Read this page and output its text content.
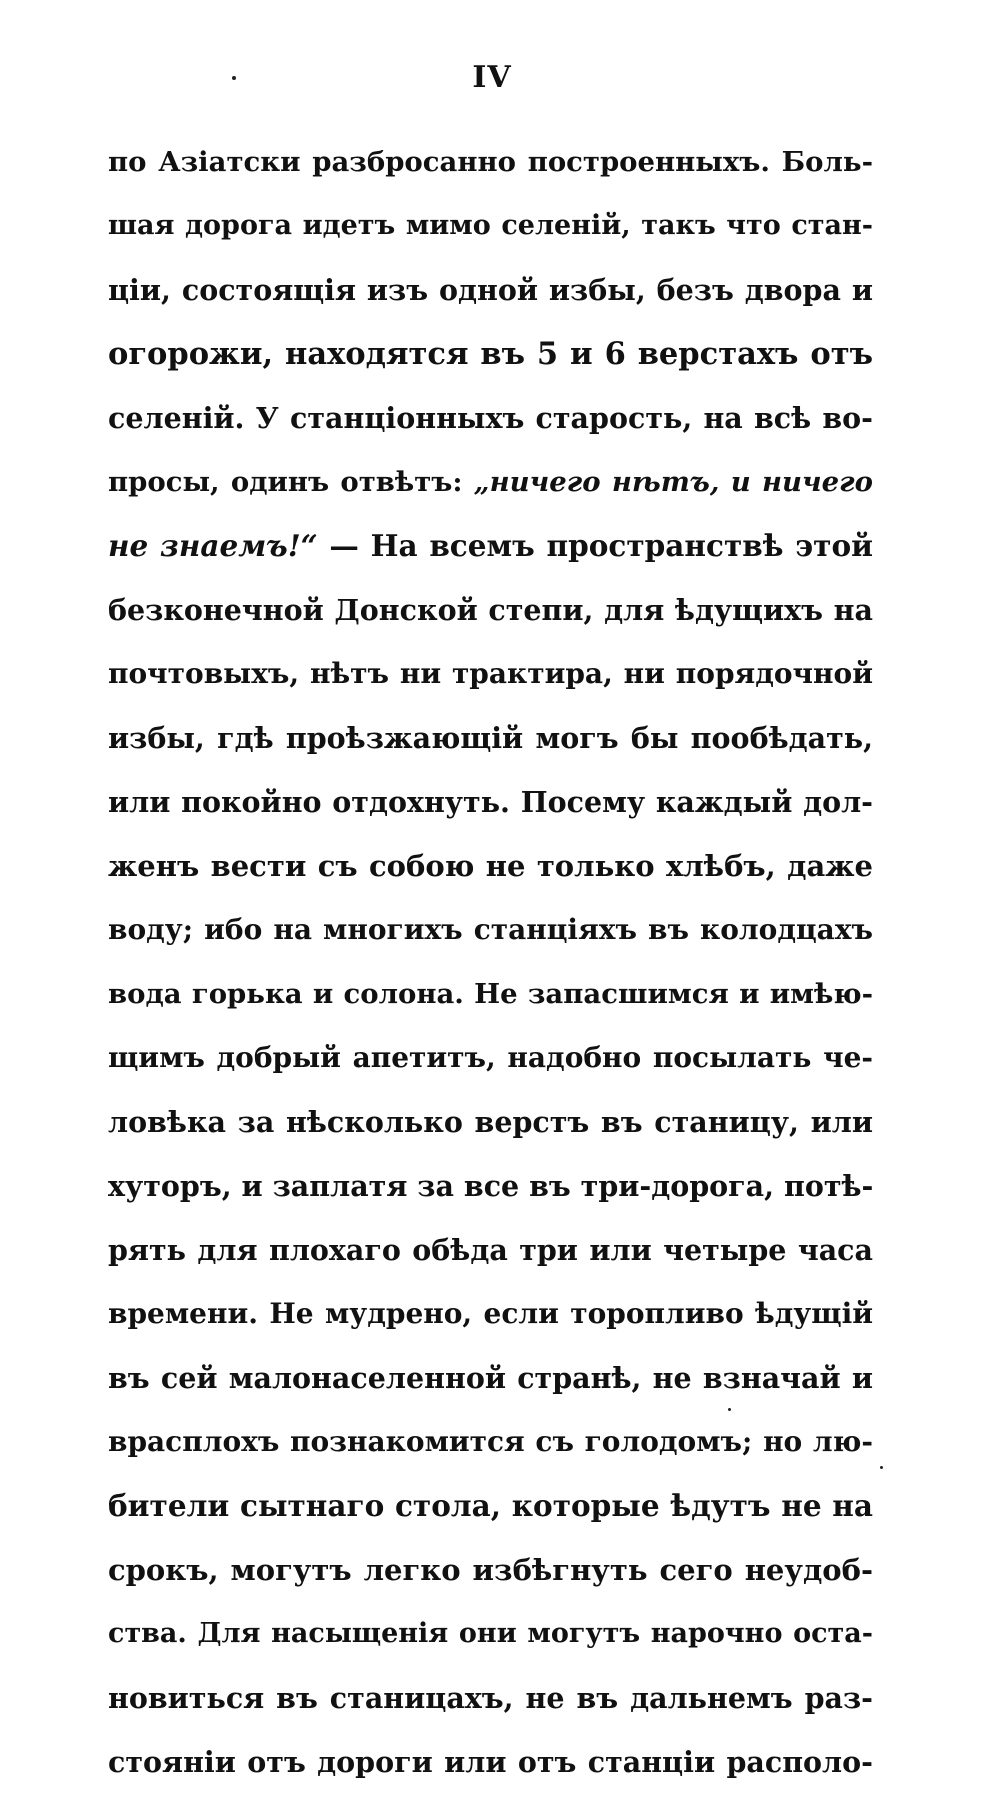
IV
по Азіатски разбросанно построенныхъ. Боль-
шая дорога идетъ мимо селеній, такъ что стан-
ціи, состоящія изъ одной избы, безъ двора и
огорожи, находятся въ 5 и 6 верстахъ отъ
селеній. У станціонныхъ старость, на всѣ во-
просы, одинъ отвѣтъ: „ничего нѣтъ, и ничего
не знаемъ!“ — На всемъ пространствѣ этой
безконечной Донской степи, для ѣдущихъ на
почтовыхъ, нѣтъ ни трактира, ни порядочной
избы, гдѣ проѣзжающій могъ бы пообѣдать,
или покойно отдохнуть. Посему каждый дол-
женъ вести съ собою не только хлѣбъ, даже
воду; ибо на многихъ станціяхъ въ колодцахъ
вода горька и солона. Не запасшимся и имѣю-
щимъ добрый апетитъ, надобно посылать че-
ловѣка за нѣсколько верстъ въ станицу, или
хуторъ, и заплатя за все въ три-дорога, потѣ-
рять для плохаго обѣда три или четыре часа
времени. Не мудрено, если торопливо ѣдущій
въ сей малонаселенной странѣ, не взначай и
врасплохъ познакомится съ голодомъ; но лю-
бители сытнаго стола, которые ѣдутъ не на
срокъ, могутъ легко избѣгнуть сего неудоб-
ства. Для насыщенія они могутъ нарочно оста-
новиться въ станицахъ, не въ дальнемъ раз-
стояніи отъ дороги или отъ станціи располо-
